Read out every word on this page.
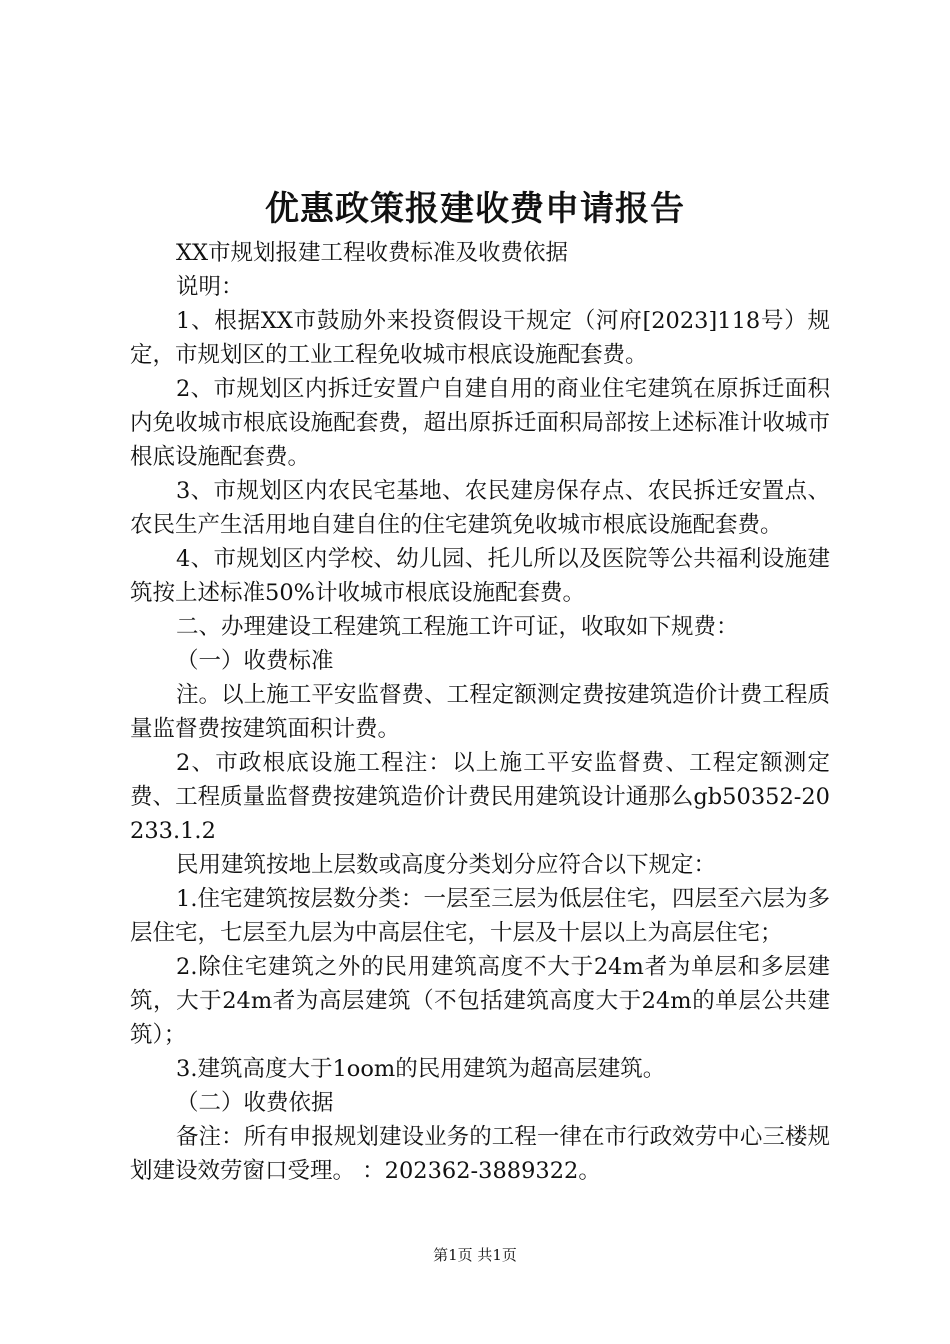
优惠政策报建收费申请报告

XX市规划报建工程收费标准及收费依据

说明：

1、根据XX市鼓励外来投资假设干规定（河府[2023]118号）规定，市规划区的工业工程免收城市根底设施配套费。

2、市规划区内拆迁安置户自建自用的商业住宅建筑在原拆迁面积内免收城市根底设施配套费，超出原拆迁面积局部按上述标准计收城市根底设施配套费。

3、市规划区内农民宅基地、农民建房保存点、农民拆迁安置点、农民生产生活用地自建自住的住宅建筑免收城市根底设施配套费。

4、市规划区内学校、幼儿园、托儿所以及医院等公共福利设施建筑按上述标准50%计收城市根底设施配套费。

二、办理建设工程建筑工程施工许可证，收取如下规费：

（一）收费标准

注。以上施工平安监督费、工程定额测定费按建筑造价计费工程质量监督费按建筑面积计费。

2、市政根底设施工程注：以上施工平安监督费、工程定额测定费、工程质量监督费按建筑造价计费民用建筑设计通那么gb50352-20233.1.2

民用建筑按地上层数或高度分类划分应符合以下规定：

1.住宅建筑按层数分类：一层至三层为低层住宅，四层至六层为多层住宅，七层至九层为中高层住宅，十层及十层以上为高层住宅；

2.除住宅建筑之外的民用建筑高度不大于24m者为单层和多层建筑，大于24m者为高层建筑（不包括建筑高度大于24m的单层公共建筑）；

3.建筑高度大于1oom的民用建筑为超高层建筑。

（二）收费依据

备注：所有申报规划建设业务的工程一律在市行政效劳中心三楼规划建设效劳窗口受理。 ：202362-3889322。

第1页 共1页
